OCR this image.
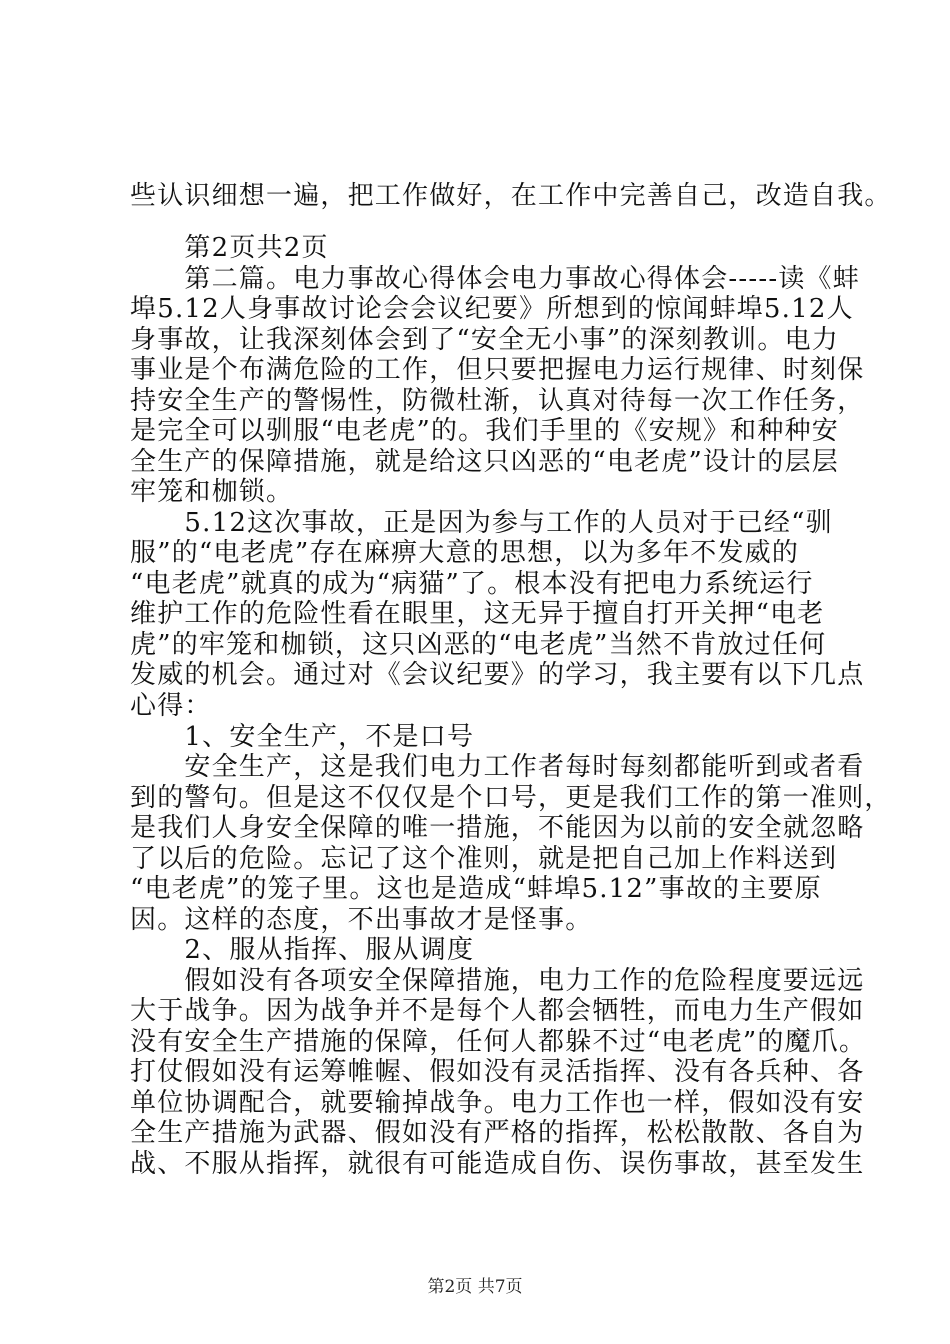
些认识细想一遍，把工作做好，在工作中完善自己，改造自我。
　　第2页共2页
　　第二篇。电力事故心得体会电力事故心得体会-----读《蚌
埠5.12人身事故讨论会会议纪要》所想到的惊闻蚌埠5.12人
身事故，让我深刻体会到了“安全无小事”的深刻教训。电力
事业是个布满危险的工作，但只要把握电力运行规律、时刻保
持安全生产的警惕性，防微杜渐，认真对待每一次工作任务，
是完全可以驯服“电老虎”的。我们手里的《安规》和种种安
全生产的保障措施，就是给这只凶恶的“电老虎”设计的层层
牢笼和枷锁。
　　5.12这次事故，正是因为参与工作的人员对于已经“驯
服”的“电老虎”存在麻痹大意的思想，以为多年不发威的
“电老虎”就真的成为“病猫”了。根本没有把电力系统运行
维护工作的危险性看在眼里，这无异于擅自打开关押“电老
虎”的牢笼和枷锁，这只凶恶的“电老虎”当然不肯放过任何
发威的机会。通过对《会议纪要》的学习，我主要有以下几点
心得：
　　1、安全生产，不是口号
　　安全生产，这是我们电力工作者每时每刻都能听到或者看
到的警句。但是这不仅仅是个口号，更是我们工作的第一准则，
是我们人身安全保障的唯一措施，不能因为以前的安全就忽略
了以后的危险。忘记了这个准则，就是把自己加上作料送到
“电老虎”的笼子里。这也是造成“蚌埠5.12”事故的主要原
因。这样的态度，不出事故才是怪事。
　　2、服从指挥、服从调度
　　假如没有各项安全保障措施，电力工作的危险程度要远远
大于战争。因为战争并不是每个人都会牺牲，而电力生产假如
没有安全生产措施的保障，任何人都躲不过“电老虎”的魔爪。
打仗假如没有运筹帷幄、假如没有灵活指挥、没有各兵种、各
单位协调配合，就要输掉战争。电力工作也一样，假如没有安
全生产措施为武器、假如没有严格的指挥，松松散散、各自为
战、不服从指挥，就很有可能造成自伤、误伤事故，甚至发生
第2页 共7页
